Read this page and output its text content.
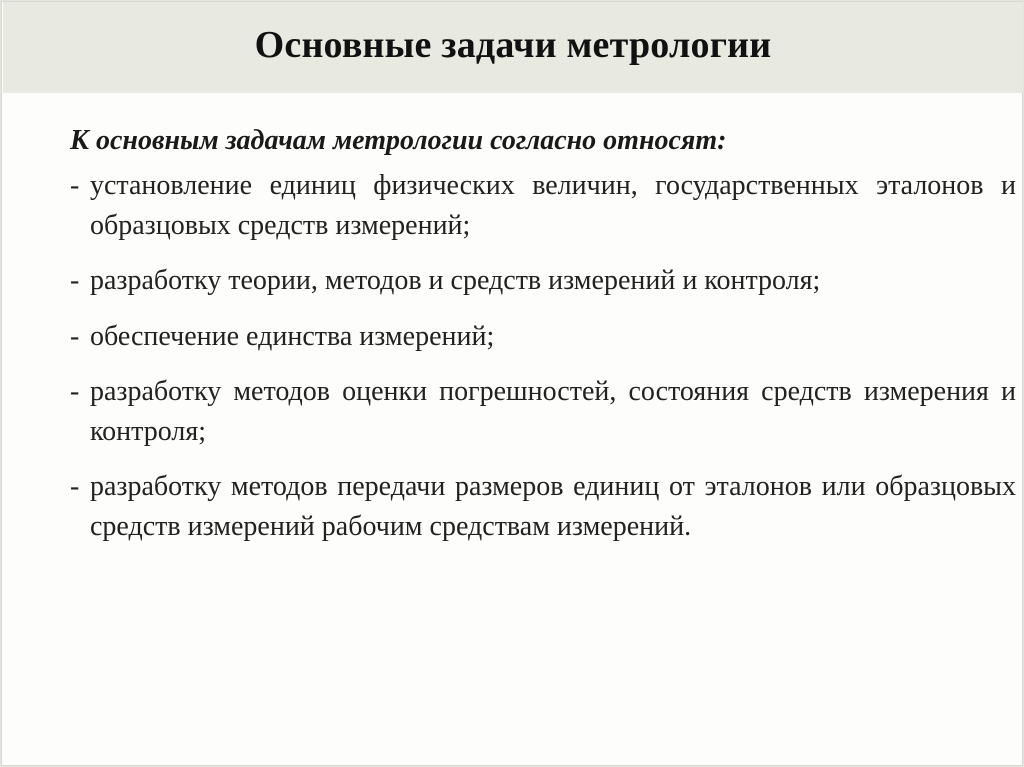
Основные задачи метрологии

К основным задачам метрологии согласно относят:

- установление единиц физических величин, государственных эталонов и образцовых средств измерений;
- разработку теории, методов и средств измерений и контроля;
- обеспечение единства измерений;
- разработку методов оценки погрешностей, состояния средств измерения и контроля;
- разработку методов передачи размеров единиц от эталонов или образцовых средств измерений рабочим средствам измерений.
